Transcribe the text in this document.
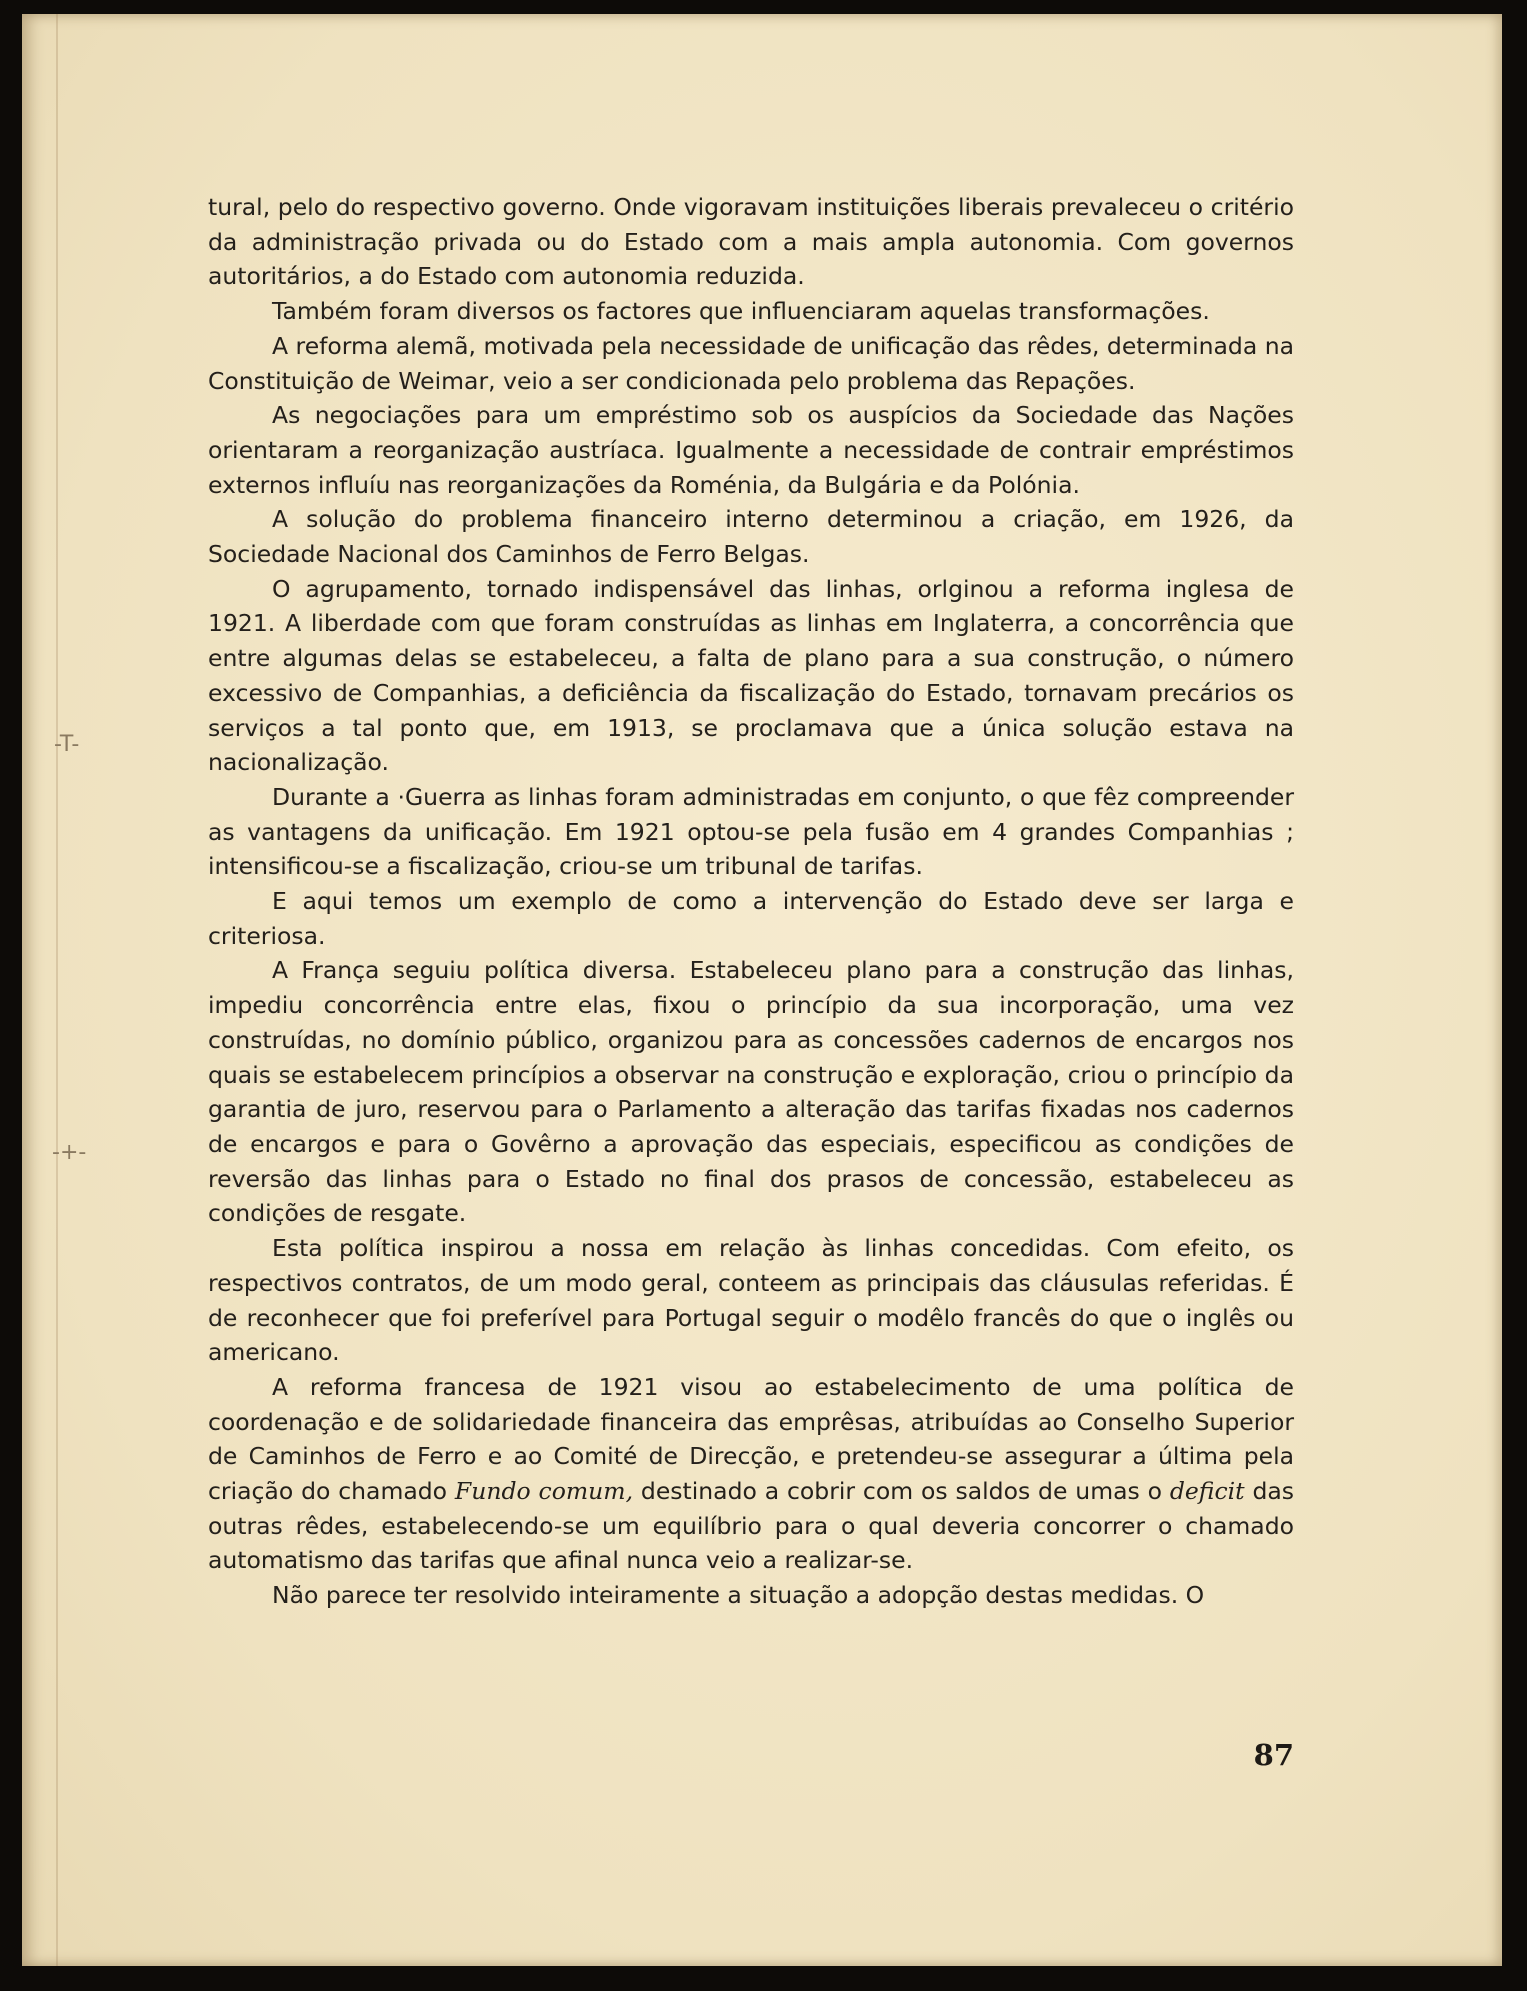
-T-
-+-

tural, pelo do respectivo governo. Onde vigoravam instituições liberais prevaleceu o critério da administração privada ou do Estado com a mais ampla autonomia. Com governos autoritários, a do Estado com autonomia reduzida.

Também foram diversos os factores que influenciaram aquelas transformações.

A reforma alemã, motivada pela necessidade de unificação das rêdes, determinada na Constituição de Weimar, veio a ser condicionada pelo problema das Repações.

As negociações para um empréstimo sob os auspícios da Sociedade das Nações orientaram a reorganização austríaca. Igualmente a necessidade de contrair empréstimos externos influíu nas reorganizações da Roménia, da Bulgária e da Polónia.

A solução do problema financeiro interno determinou a criação, em 1926, da Sociedade Nacional dos Caminhos de Ferro Belgas.

O agrupamento, tornado indispensável das linhas, orlginou a reforma inglesa de 1921. A liberdade com que foram construídas as linhas em Inglaterra, a concorrência que entre algumas delas se estabeleceu, a falta de plano para a sua construção, o número excessivo de Companhias, a deficiência da fiscalização do Estado, tornavam precários os serviços a tal ponto que, em 1913, se proclamava que a única solução estava na nacionalização.

Durante a ·Guerra as linhas foram administradas em conjunto, o que fêz compreender as vantagens da unificação. Em 1921 optou-se pela fusão em 4 grandes Companhias ; intensificou-se a fiscalização, criou-se um tribunal de tarifas.

E aqui temos um exemplo de como a intervenção do Estado deve ser larga e criteriosa.

A França seguiu política diversa. Estabeleceu plano para a construção das linhas, impediu concorrência entre elas, fixou o princípio da sua incorporação, uma vez construídas, no domínio público, organizou para as concessões cadernos de encargos nos quais se estabelecem princípios a observar na construção e exploração, criou o princípio da garantia de juro, reservou para o Parlamento a alteração das tarifas fixadas nos cadernos de encargos e para o Govêrno a aprovação das especiais, especificou as condições de reversão das linhas para o Estado no final dos prasos de concessão, estabeleceu as condições de resgate.

Esta política inspirou a nossa em relação às linhas concedidas. Com efeito, os respectivos contratos, de um modo geral, conteem as principais das cláusulas referidas. É de reconhecer que foi preferível para Portugal seguir o modêlo francês do que o inglês ou americano.

A reforma francesa de 1921 visou ao estabelecimento de uma política de coordenação e de solidariedade financeira das emprêsas, atribuídas ao Conselho Superior de Caminhos de Ferro e ao Comité de Direcção, e pretendeu-se assegurar a última pela criação do chamado Fundo comum, destinado a cobrir com os saldos de umas o deficit das outras rêdes, estabelecendo-se um equilíbrio para o qual deveria concorrer o chamado automatismo das tarifas que afinal nunca veio a realizar-se.

Não parece ter resolvido inteiramente a situação a adopção destas medidas. O

87
